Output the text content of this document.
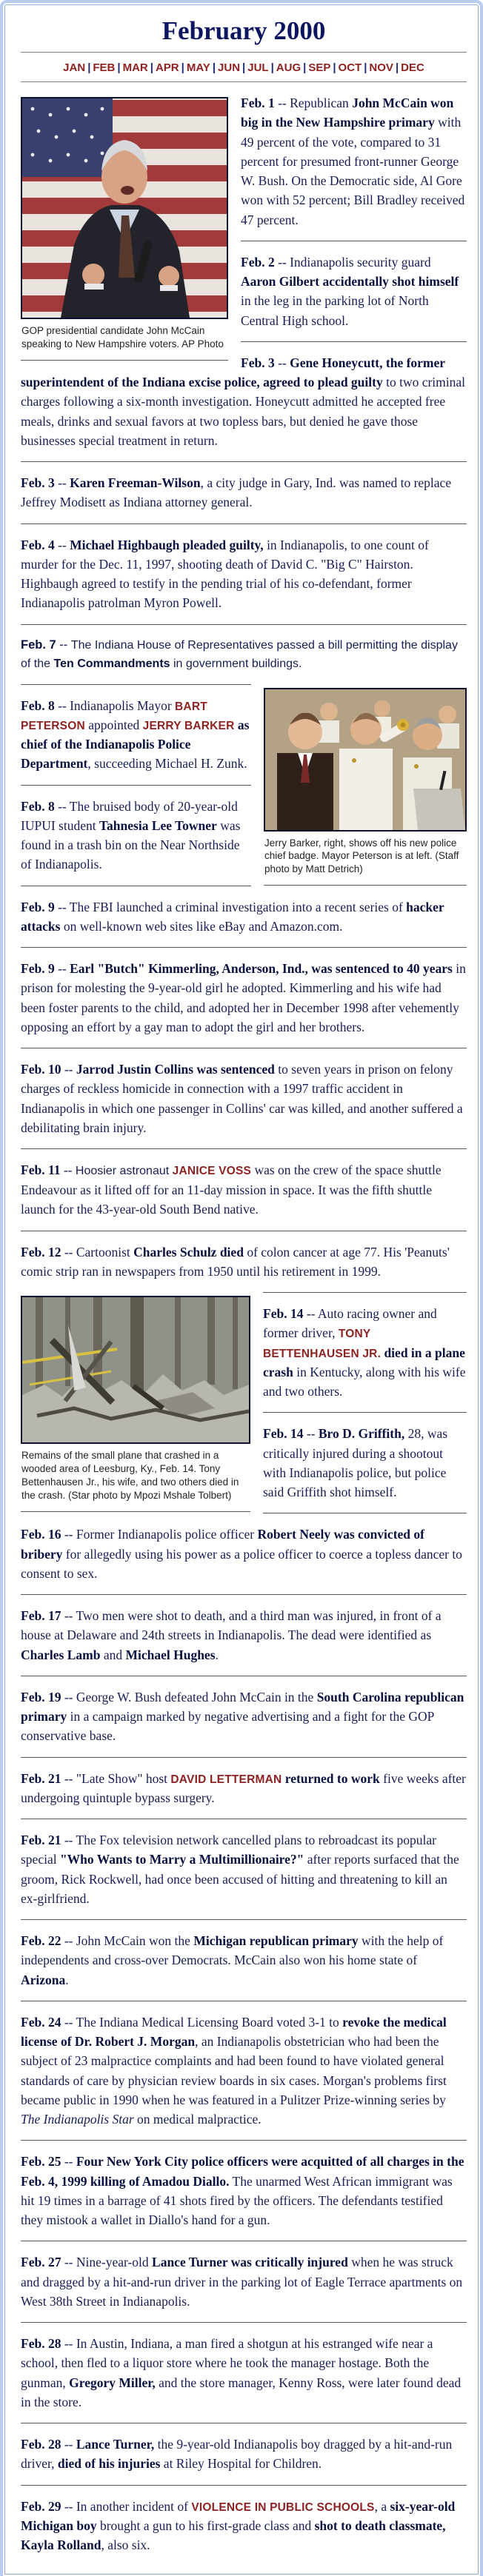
February 2000
JAN | FEB | MAR | APR | MAY | JUN | JUL | AUG | SEP | OCT | NOV | DEC
GOP presidential candidate John McCain speaking to New Hampshire voters. AP Photo
Feb. 1 -- Republican John McCain won big in the New Hampshire primary with 49 percent of the vote, compared to 31 percent for presumed front-runner George W. Bush. On the Democratic side, Al Gore won with 52 percent; Bill Bradley received 47 percent.
Feb. 2 -- Indianapolis security guard Aaron Gilbert accidentally shot himself in the leg in the parking lot of North Central High school.
Feb. 3 -- Gene Honeycutt, the former superintendent of the Indiana excise police, agreed to plead guilty to two criminal charges following a six-month investigation. Honeycutt admitted he accepted free meals, drinks and sexual favors at two topless bars, but denied he gave those businesses special treatment in return.
Feb. 3 -- Karen Freeman-Wilson, a city judge in Gary, Ind. was named to replace Jeffrey Modisett as Indiana attorney general.
Feb. 4 -- Michael Highbaugh pleaded guilty, in Indianapolis, to one count of murder for the Dec. 11, 1997, shooting death of David C. "Big C" Hairston. Highbaugh agreed to testify in the pending trial of his co-defendant, former Indianapolis patrolman Myron Powell.
Feb. 7 -- The Indiana House of Representatives passed a bill permitting the display of the Ten Commandments in government buildings.
Jerry Barker, right, shows off his new police chief badge. Mayor Peterson is at left. (Staff photo by Matt Detrich)
Feb. 8 -- Indianapolis Mayor BART PETERSON appointed JERRY BARKER as chief of the Indianapolis Police Department, succeeding Michael H. Zunk.
Feb. 8 -- The bruised body of 20-year-old IUPUI student Tahnesia Lee Towner was found in a trash bin on the Near Northside of Indianapolis.
Feb. 9 -- The FBI launched a criminal investigation into a recent series of hacker attacks on well-known web sites like eBay and Amazon.com.
Feb. 9 -- Earl "Butch" Kimmerling, Anderson, Ind., was sentenced to 40 years in prison for molesting the 9-year-old girl he adopted. Kimmerling and his wife had been foster parents to the child, and adopted her in December 1998 after vehemently opposing an effort by a gay man to adopt the girl and her brothers.
Feb. 10 -- Jarrod Justin Collins was sentenced to seven years in prison on felony charges of reckless homicide in connection with a 1997 traffic accident in Indianapolis in which one passenger in Collins' car was killed, and another suffered a debilitating brain injury.
Feb. 11 -- Hoosier astronaut JANICE VOSS was on the crew of the space shuttle Endeavour as it lifted off for an 11-day mission in space. It was the fifth shuttle launch for the 43-year-old South Bend native.
Feb. 12 -- Cartoonist Charles Schulz died of colon cancer at age 77. His 'Peanuts' comic strip ran in newspapers from 1950 until his retirement in 1999.
Remains of the small plane that crashed in a wooded area of Leesburg, Ky., Feb. 14. Tony Bettenhausen Jr., his wife, and two others died in the crash. (Star photo by Mpozi Mshale Tolbert)
Feb. 14 -- Auto racing owner and former driver, TONY BETTENHAUSEN JR. died in a plane crash in Kentucky, along with his wife and two others.
Feb. 14 -- Bro D. Griffith, 28, was critically injured during a shootout with Indianapolis police, but police said Griffith shot himself.
Feb. 16 -- Former Indianapolis police officer Robert Neely was convicted of bribery for allegedly using his power as a police officer to coerce a topless dancer to consent to sex.
Feb. 17 -- Two men were shot to death, and a third man was injured, in front of a house at Delaware and 24th streets in Indianapolis. The dead were identified as Charles Lamb and Michael Hughes.
Feb. 19 -- George W. Bush defeated John McCain in the South Carolina republican primary in a campaign marked by negative advertising and a fight for the GOP conservative base.
Feb. 21 -- "Late Show" host DAVID LETTERMAN returned to work five weeks after undergoing quintuple bypass surgery.
Feb. 21 -- The Fox television network cancelled plans to rebroadcast its popular special "Who Wants to Marry a Multimillionaire?" after reports surfaced that the groom, Rick Rockwell, had once been accused of hitting and threatening to kill an ex-girlfriend.
Feb. 22 -- John McCain won the Michigan republican primary with the help of independents and cross-over Democrats. McCain also won his home state of Arizona.
Feb. 24 -- The Indiana Medical Licensing Board voted 3-1 to revoke the medical license of Dr. Robert J. Morgan, an Indianapolis obstetrician who had been the subject of 23 malpractice complaints and had been found to have violated general standards of care by physician review boards in six cases. Morgan's problems first became public in 1990 when he was featured in a Pulitzer Prize-winning series by The Indianapolis Star on medical malpractice.
Feb. 25 -- Four New York City police officers were acquitted of all charges in the Feb. 4, 1999 killing of Amadou Diallo. The unarmed West African immigrant was hit 19 times in a barrage of 41 shots fired by the officers. The defendants testified they mistook a wallet in Diallo's hand for a gun.
Feb. 27 -- Nine-year-old Lance Turner was critically injured when he was struck and dragged by a hit-and-run driver in the parking lot of Eagle Terrace apartments on West 38th Street in Indianapolis.
Feb. 28 -- In Austin, Indiana, a man fired a shotgun at his estranged wife near a school, then fled to a liquor store where he took the manager hostage. Both the gunman, Gregory Miller, and the store manager, Kenny Ross, were later found dead in the store.
Feb. 28 -- Lance Turner, the 9-year-old Indianapolis boy dragged by a hit-and-run driver, died of his injuries at Riley Hospital for Children.
Feb. 29 -- In another incident of VIOLENCE IN PUBLIC SCHOOLS, a six-year-old Michigan boy brought a gun to his first-grade class and shot to death classmate, Kayla Rolland, also six.
